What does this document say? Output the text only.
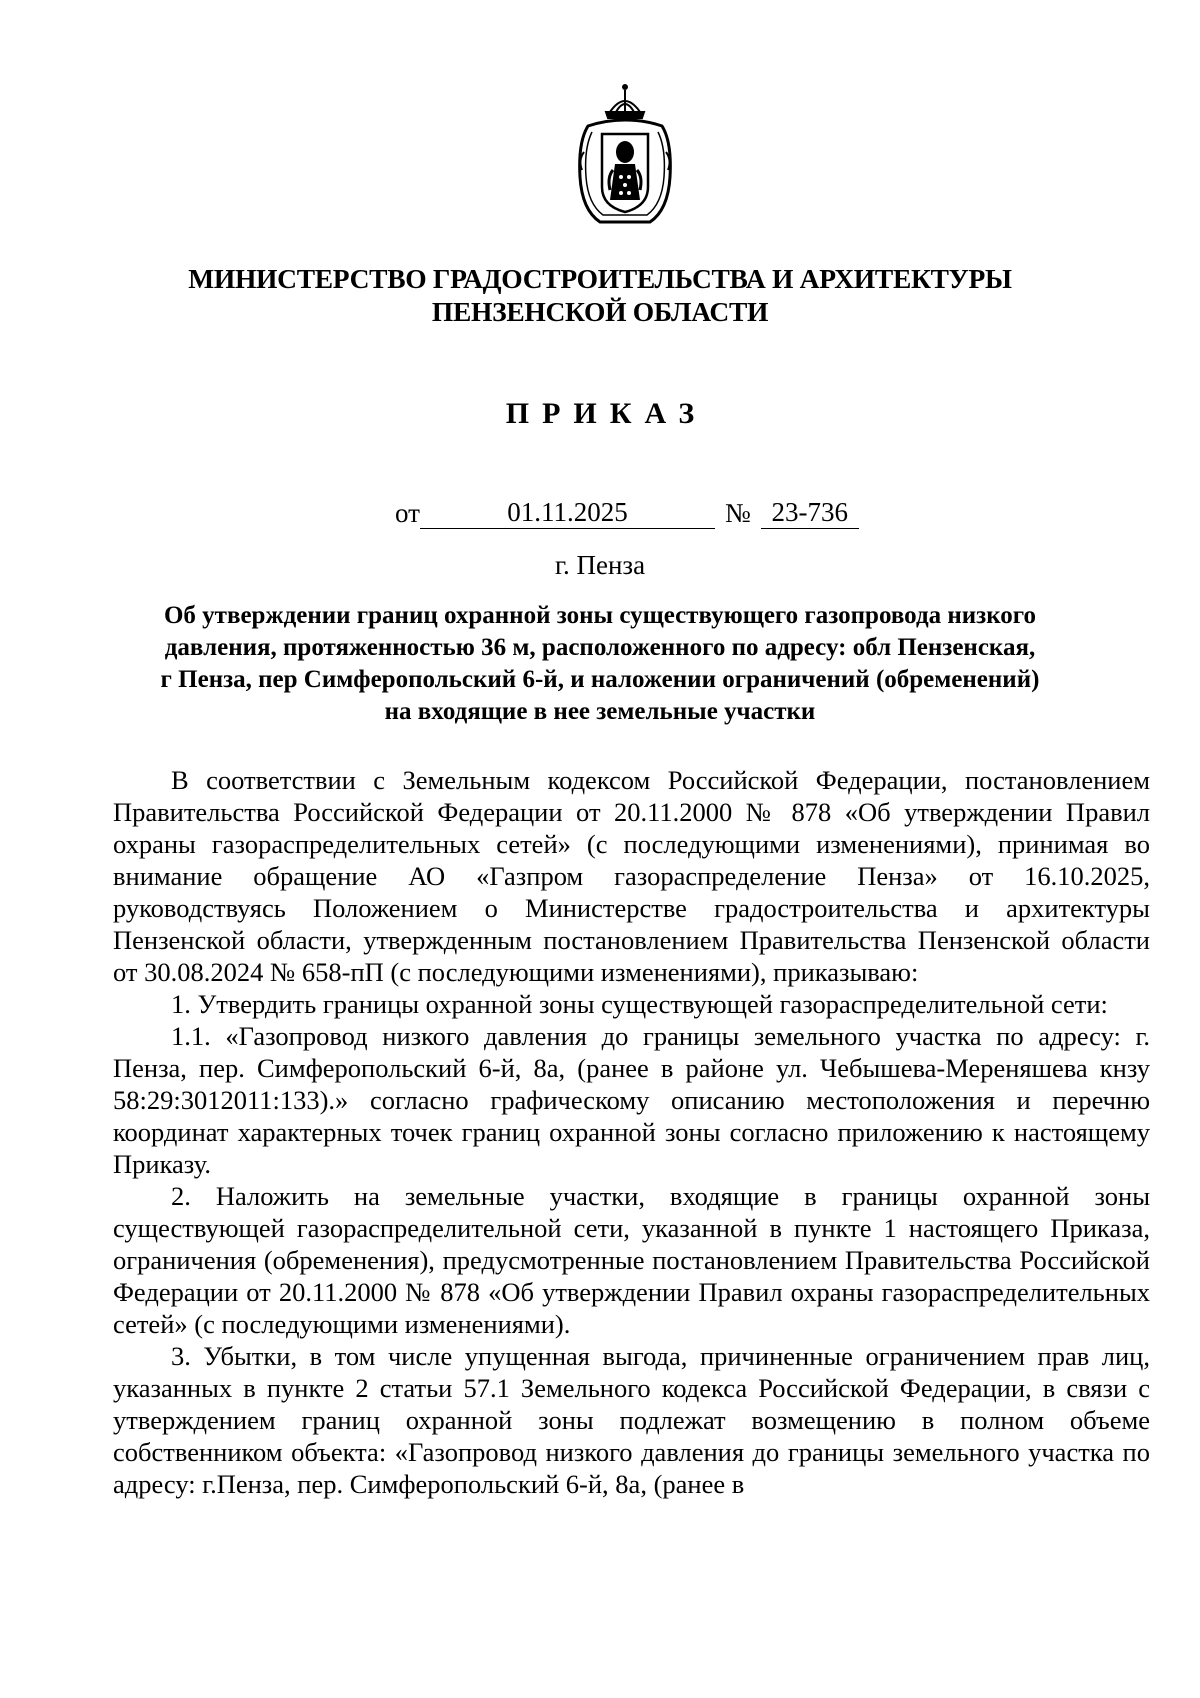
МИНИСТЕРСТВО ГРАДОСТРОИТЕЛЬСТВА И АРХИТЕКТУРЫ
ПЕНЗЕНСКОЙ ОБЛАСТИ
ПРИКАЗ
от	01.11.2025	№ 23-736
г. Пенза
Об утверждении границ охранной зоны существующего газопровода низкого
давления, протяженностью 36 м, расположенного по адресу: обл Пензенская,
г Пенза, пер Симферопольский 6-й, и наложении ограничений (обременений)
на входящие в нее земельные участки

В соответствии с Земельным кодексом Российской Федерации, постановлением Правительства Российской Федерации от 20.11.2000 № 878 «Об утверждении Правил охраны газораспределительных сетей» (с последующими изменениями), принимая во внимание обращение АО «Газпром газораспределение Пенза» от 16.10.2025, руководствуясь Положением о Министерстве градостроительства и архитектуры Пензенской области, утвержденным постановлением Правительства Пензенской области от 30.08.2024 № 658-пП (с последующими изменениями), приказываю:

1. Утвердить границы охранной зоны существующей газораспределительной сети:

1.1. «Газопровод низкого давления до границы земельного участка по адресу: г. Пенза, пер. Симферопольский 6-й, 8а, (ранее в районе ул. Чебышева-Мереняшева кнзу 58:29:3012011:133).» согласно графическому описанию местоположения и перечню координат характерных точек границ охранной зоны согласно приложению к настоящему Приказу.

2. Наложить на земельные участки, входящие в границы охранной зоны существующей газораспределительной сети, указанной в пункте 1 настоящего Приказа, ограничения (обременения), предусмотренные постановлением Правительства Российской Федерации от 20.11.2000 № 878 «Об утверждении Правил охраны газораспределительных сетей» (с последующими изменениями).

3. Убытки, в том числе упущенная выгода, причиненные ограничением прав лиц, указанных в пункте 2 статьи 57.1 Земельного кодекса Российской Федерации, в связи с утверждением границ охранной зоны подлежат возмещению в полном объеме собственником объекта: «Газопровод низкого давления до границы земельного участка по адресу: г.Пенза, пер. Симферопольский 6-й, 8а, (ранее в
